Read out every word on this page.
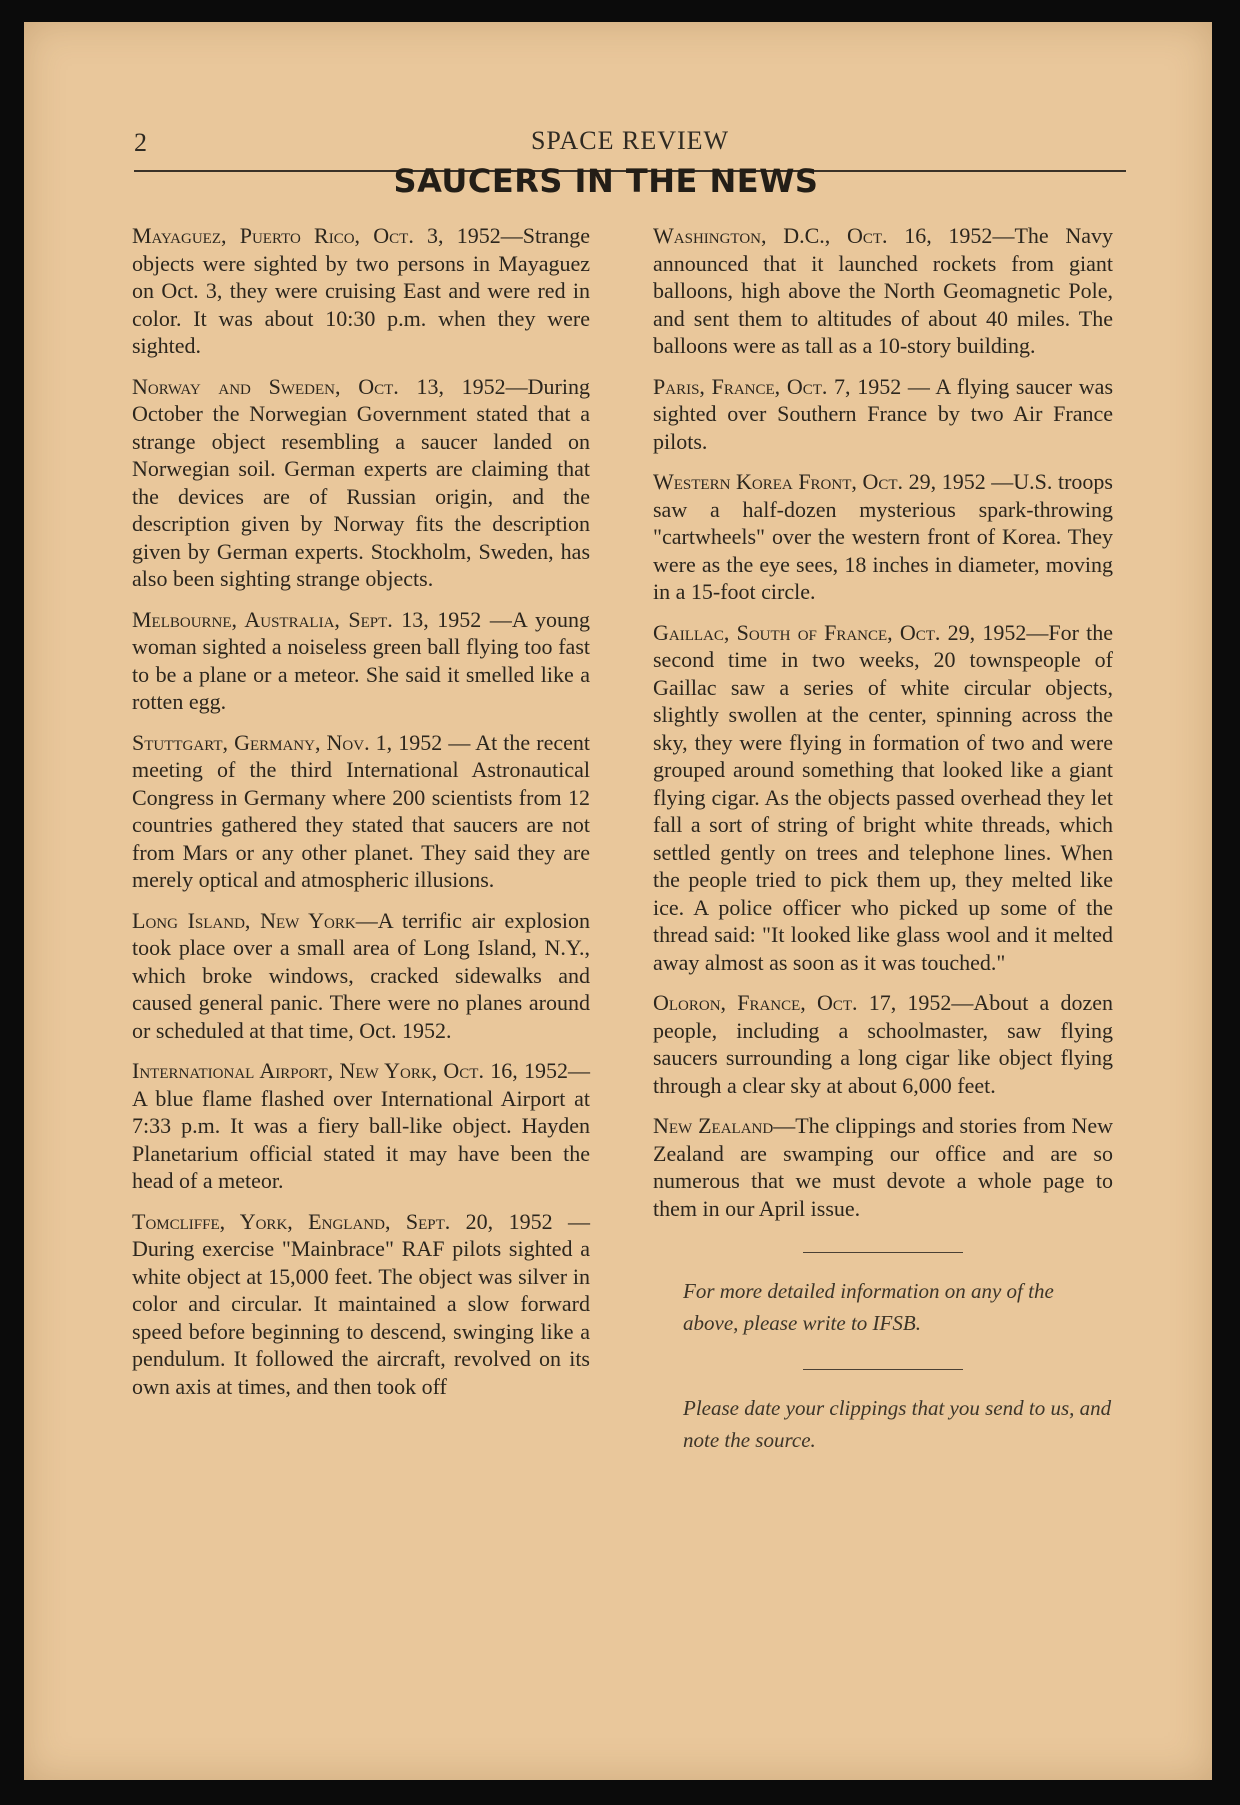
2	SPACE REVIEW
SAUCERS IN THE NEWS

Mayaguez, Puerto Rico, Oct. 3, 1952—Strange objects were sighted by two persons in Mayaguez on Oct. 3, they were cruising East and were red in color. It was about 10:30 p.m. when they were sighted.

Norway and Sweden, Oct. 13, 1952—During October the Norwegian Government stated that a strange object resembling a saucer landed on Norwegian soil. German experts are claiming that the devices are of Russian origin, and the description given by Norway fits the description given by German experts. Stockholm, Sweden, has also been sighting strange objects.

Melbourne, Australia, Sept. 13, 1952 —A young woman sighted a noiseless green ball flying too fast to be a plane or a meteor. She said it smelled like a rotten egg.

Stuttgart, Germany, Nov. 1, 1952 — At the recent meeting of the third International Astronautical Congress in Germany where 200 scientists from 12 countries gathered they stated that saucers are not from Mars or any other planet. They said they are merely optical and atmospheric illusions.

Long Island, New York—A terrific air explosion took place over a small area of Long Island, N.Y., which broke windows, cracked sidewalks and caused general panic. There were no planes around or scheduled at that time, Oct. 1952.

International Airport, New York, Oct. 16, 1952—A blue flame flashed over International Airport at 7:33 p.m. It was a fiery ball-like object. Hayden Planetarium official stated it may have been the head of a meteor.

Tomcliffe, York, England, Sept. 20, 1952 — During exercise "Mainbrace" RAF pilots sighted a white object at 15,000 feet. The object was silver in color and circular. It maintained a slow forward speed before beginning to descend, swinging like a pendulum. It followed the aircraft, revolved on its own axis at times, and then took off

Washington, D.C., Oct. 16, 1952—The Navy announced that it launched rockets from giant balloons, high above the North Geomagnetic Pole, and sent them to altitudes of about 40 miles. The balloons were as tall as a 10-story building.

Paris, France, Oct. 7, 1952 — A flying saucer was sighted over Southern France by two Air France pilots.

Western Korea Front, Oct. 29, 1952 —U.S. troops saw a half-dozen mysterious spark-throwing "cartwheels" over the western front of Korea. They were as the eye sees, 18 inches in diameter, moving in a 15-foot circle.

Gaillac, South of France, Oct. 29, 1952—For the second time in two weeks, 20 townspeople of Gaillac saw a series of white circular objects, slightly swollen at the center, spinning across the sky, they were flying in formation of two and were grouped around something that looked like a giant flying cigar. As the objects passed overhead they let fall a sort of string of bright white threads, which settled gently on trees and telephone lines. When the people tried to pick them up, they melted like ice. A police officer who picked up some of the thread said: "It looked like glass wool and it melted away almost as soon as it was touched."

Oloron, France, Oct. 17, 1952—About a dozen people, including a schoolmaster, saw flying saucers surrounding a long cigar like object flying through a clear sky at about 6,000 feet.

New Zealand—The clippings and stories from New Zealand are swamping our office and are so numerous that we must devote a whole page to them in our April issue.

For more detailed information on any of the above, please write to IFSB.

Please date your clippings that you send to us, and note the source.
